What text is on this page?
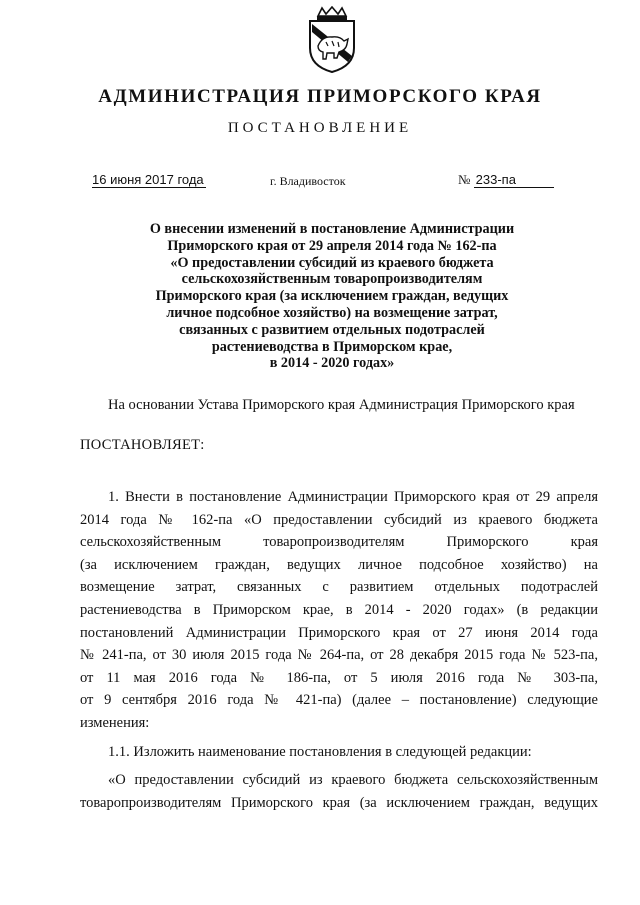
АДМИНИСТРАЦИЯ ПРИМОРСКОГО КРАЯ
ПОСТАНОВЛЕНИЕ
16 июня 2017 года	г. Владивосток	№ 233-па
О внесении изменений в постановление Администрации
Приморского края от 29 апреля 2014 года № 162-па
«О предоставлении субсидий из краевого бюджета
сельскохозяйственным товаропроизводителям
Приморского края (за исключением граждан, ведущих
личное подсобное хозяйство) на возмещение затрат,
связанных с развитием отдельных подотраслей
растениеводства в Приморском крае,
в 2014 - 2020 годах»
На основании Устава Приморского края Администрация Приморского края
ПОСТАНОВЛЯЕТ:
1. Внести в постановление Администрации Приморского края от 29 апреля
2014 года № 162-па «О предоставлении субсидий из краевого бюджета
сельскохозяйственным товаропроизводителям Приморского края
(за исключением граждан, ведущих личное подсобное хозяйство) на
возмещение затрат, связанных с развитием отдельных подотраслей
растениеводства в Приморском крае, в 2014 - 2020 годах» (в редакции
постановлений Администрации Приморского края от 27 июня 2014 года
№ 241-па, от 30 июля 2015 года № 264-па, от 28 декабря 2015 года № 523-па,
от 11 мая 2016 года № 186-па, от 5 июля 2016 года № 303-па,
от 9 сентября 2016 года № 421-па) (далее – постановление) следующие
изменения:
1.1. Изложить наименование постановления в следующей редакции:
«О предоставлении субсидий из краевого бюджета сельскохозяйственным
товаропроизводителям Приморского края (за исключением граждан, ведущих
